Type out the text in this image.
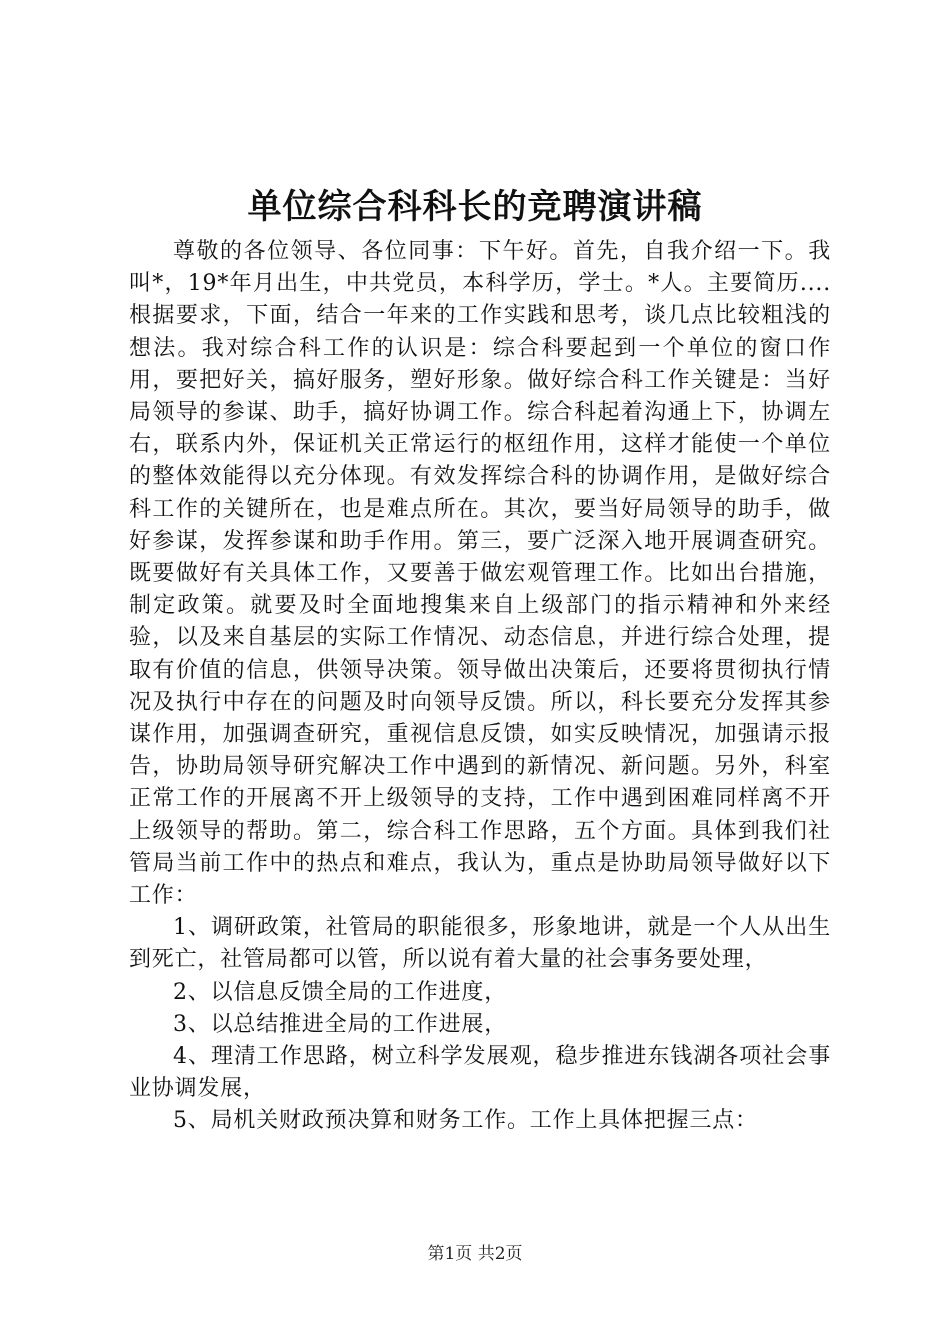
单位综合科科长的竞聘演讲稿

尊敬的各位领导、各位同事：下午好。首先，自我介绍一下。我叫*，19*年月出生，中共党员，本科学历，学士。*人。主要简历....根据要求，下面，结合一年来的工作实践和思考，谈几点比较粗浅的想法。我对综合科工作的认识是：综合科要起到一个单位的窗口作用，要把好关，搞好服务，塑好形象。做好综合科工作关键是：当好局领导的参谋、助手，搞好协调工作。综合科起着沟通上下，协调左右，联系内外，保证机关正常运行的枢纽作用，这样才能使一个单位的整体效能得以充分体现。有效发挥综合科的协调作用，是做好综合科工作的关键所在，也是难点所在。其次，要当好局领导的助手，做好参谋，发挥参谋和助手作用。第三，要广泛深入地开展调查研究。既要做好有关具体工作，又要善于做宏观管理工作。比如出台措施，制定政策。就要及时全面地搜集来自上级部门的指示精神和外来经验，以及来自基层的实际工作情况、动态信息，并进行综合处理，提取有价值的信息，供领导决策。领导做出决策后，还要将贯彻执行情况及执行中存在的问题及时向领导反馈。所以，科长要充分发挥其参谋作用，加强调查研究，重视信息反馈，如实反映情况，加强请示报告，协助局领导研究解决工作中遇到的新情况、新问题。另外，科室正常工作的开展离不开上级领导的支持，工作中遇到困难同样离不开上级领导的帮助。第二，综合科工作思路，五个方面。具体到我们社管局当前工作中的热点和难点，我认为，重点是协助局领导做好以下工作：

1、调研政策，社管局的职能很多，形象地讲，就是一个人从出生到死亡，社管局都可以管，所以说有着大量的社会事务要处理，

2、以信息反馈全局的工作进度，

3、以总结推进全局的工作进展，

4、理清工作思路，树立科学发展观，稳步推进东钱湖各项社会事业协调发展，

5、局机关财政预决算和财务工作。工作上具体把握三点：

第1页 共2页
